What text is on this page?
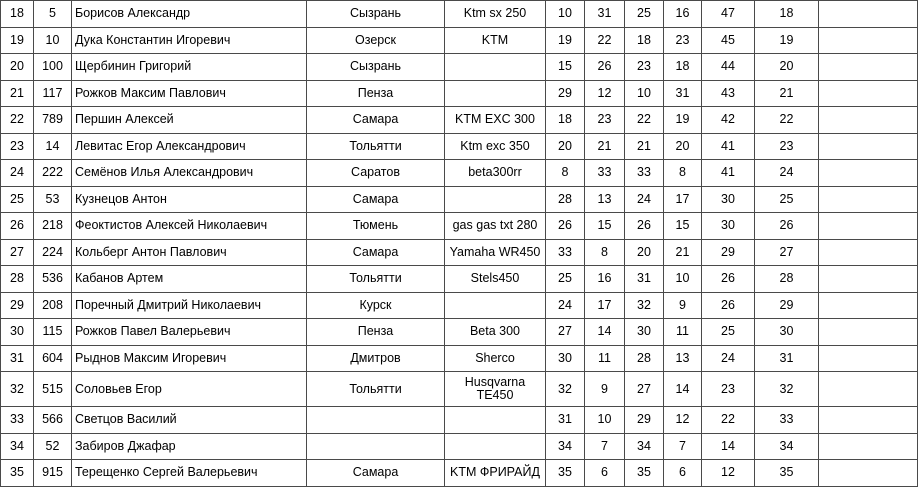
18	5	Борисов Александр	Сызрань	Ktm sx 250	10	31	25	16	47	18	
19	10	Дука Константин Игоревич	Озерск	KTM	19	22	18	23	45	19	
20	100	Щербинин Григорий	Сызрань		15	26	23	18	44	20	
21	117	Рожков Максим Павлович	Пенза		29	12	10	31	43	21	
22	789	Першин Алексей	Самара	KTM EXC 300	18	23	22	19	42	22	
23	14	Левитас Егор Александрович	Тольятти	Ktm exc 350	20	21	21	20	41	23	
24	222	Семёнов Илья Александрович	Саратов	beta300rr	8	33	33	8	41	24	
25	53	Кузнецов Антон	Самара		28	13	24	17	30	25	
26	218	Феоктистов Алексей Николаевич	Тюмень	gas gas txt 280	26	15	26	15	30	26	
27	224	Кольберг Антон Павлович	Самара	Yamaha WR450	33	8	20	21	29	27	
28	536	Кабанов Артем	Тольятти	Stels450	25	16	31	10	26	28	
29	208	Поречный Дмитрий Николаевич	Курск		24	17	32	9	26	29	
30	115	Рожков Павел Валерьевич	Пенза	Beta 300	27	14	30	11	25	30	
31	604	Рыднов Максим Игоревич	Дмитров	Sherco	30	11	28	13	24	31	
32	515	Соловьев Егор	Тольятти	Husqvarna TE450	32	9	27	14	23	32	
33	566	Светцов Василий			31	10	29	12	22	33	
34	52	Забиров Джафар			34	7	34	7	14	34	
35	915	Терещенко Сергей Валерьевич	Самара	KTM ФРИРАЙД	35	6	35	6	12	35	
